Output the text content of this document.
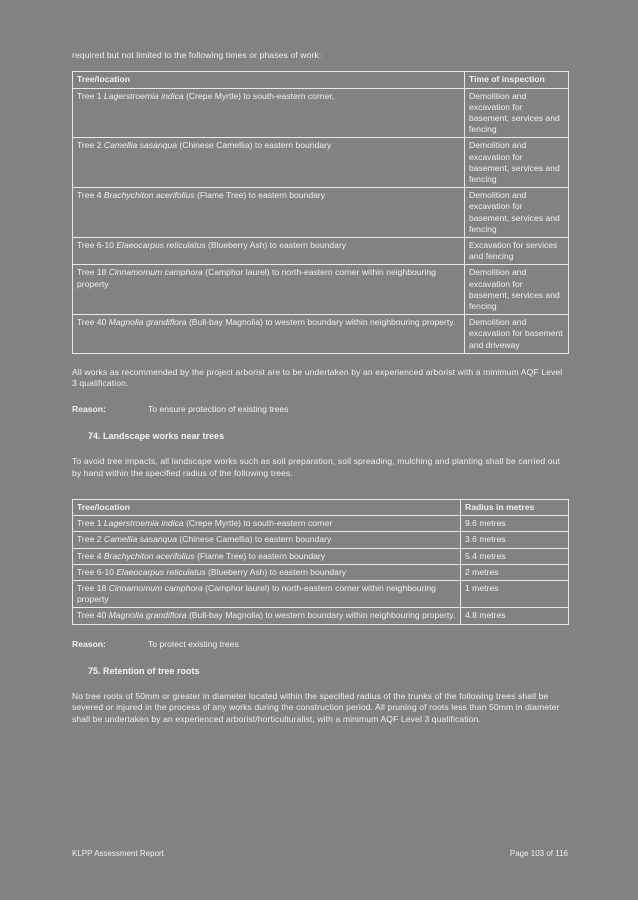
required but not limited to the following times or phases of work:

Tree/location	Time of inspection
Tree 1 Lagerstroemia indica (Crepe Myrtle) to south-eastern corner,	Demolition and excavation for basement, services and fencing
Tree 2 Camellia sasanqua (Chinese Camellia) to eastern boundary	Demolition and excavation for basement, services and fencing
Tree 4 Brachychiton acerifolius (Flame Tree) to eastern boundary	Demolition and excavation for basement, services and fencing
Tree 6-10 Elaeocarpus reticulatus (Blueberry Ash) to eastern boundary	Excavation for services and fencing
Tree 18 Cinnamomum camphora (Camphor laurel) to north-eastern corner within neighbouring property	Demolition and excavation for basement, services and fencing
Tree 40 Magnolia grandiflora (Bull-bay Magnolia) to western boundary within neighbouring property.	Demolition and excavation for basement and driveway

All works as recommended by the project arborist are to be undertaken by an experienced arborist with a minimum AQF Level 3 qualification.

Reason:	To ensure protection of existing trees
74. Landscape works near trees

To avoid tree impacts, all landscape works such as soil preparation, soil spreading, mulching and planting shall be carried out by hand within the specified radius of the following trees.

Tree/location	Radius in metres
Tree 1 Lagerstroemia indica (Crepe Myrtle) to south-eastern corner	9.6 metres
Tree 2 Camellia sasanqua (Chinese Camellia) to eastern boundary	3.6 metres
Tree 4 Brachychiton acerifolius (Flame Tree) to eastern boundary	5.4 metres
Tree 6-10 Elaeocarpus reticulatus (Blueberry Ash) to eastern boundary	2 metres
Tree 18 Cinnamomum camphora (Camphor laurel) to north-eastern corner within neighbouring property	1 metres
Tree 40 Magnolia grandiflora (Bull-bay Magnolia) to western boundary within neighbouring property.	4.8 metres
Reason:	To protect existing trees
75. Retention of tree roots

No tree roots of 50mm or greater in diameter located within the specified radius of the trunks of the following trees shall be severed or injured in the process of any works during the construction period. All pruning of roots less than 50mm in diameter shall be undertaken by an experienced arborist/horticulturalist, with a minimum AQF Level 3 qualification.

KLPP Assessment Report	Page 103 of 116
